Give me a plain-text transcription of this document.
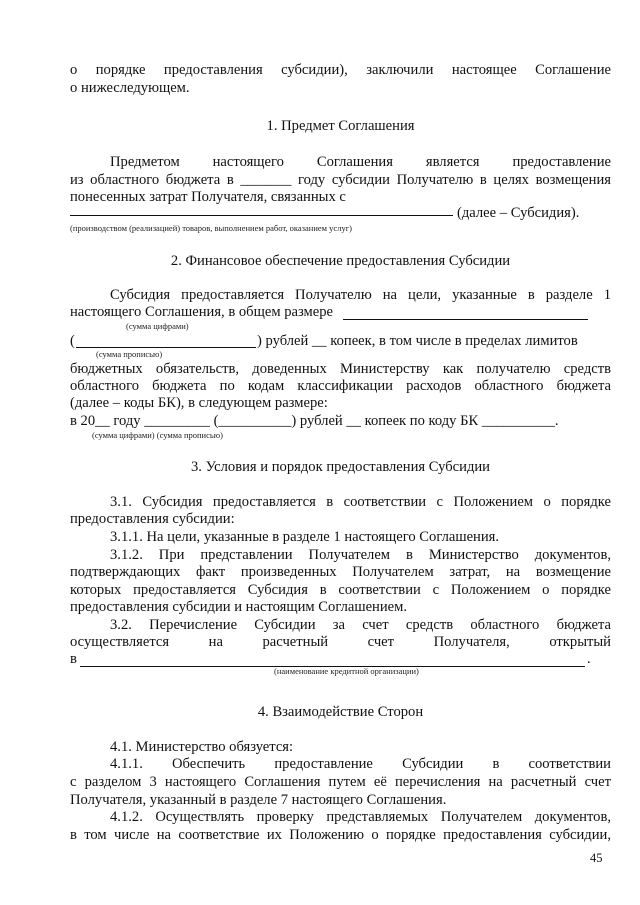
о порядке предоставления субсидии), заключили настоящее Соглашение
о нижеследующем.
1. Предмет Соглашения
Предметом настоящего Соглашения является предоставление
из областного бюджета в _______ году субсидии Получателю в целях возмещения
понесенных затрат Получателя, связанных с
(далее – Субсидия).
(производством (реализацией) товаров, выполнением работ, оказанием услуг)
2. Финансовое обеспечение предоставления Субсидии
Субсидия предоставляется Получателю на цели, указанные в разделе 1
настоящего Соглашения, в общем размере
(сумма цифрами)
(	) рублей __ копеек, в том числе в пределах лимитов
(сумма прописью)
бюджетных обязательств, доведенных Министерству как получателю средств
областного бюджета по кодам классификации расходов областного бюджета
(далее – коды БК), в следующем размере:
в 20__ году _________ (__________) рублей __ копеек по коду БК __________.
(сумма цифрами) (сумма прописью)
3. Условия и порядок предоставления Субсидии
3.1. Субсидия предоставляется в соответствии с Положением о порядке
предоставления субсидии:
3.1.1. На цели, указанные в разделе 1 настоящего Соглашения.
3.1.2. При представлении Получателем в Министерство документов,
подтверждающих факт произведенных Получателем затрат, на возмещение
которых предоставляется Субсидия в соответствии с Положением о порядке
предоставления субсидии и настоящим Соглашением.
3.2. Перечисление Субсидии за счет средств областного бюджета
осуществляется на расчетный счет Получателя, открытый
в	.
(наименование кредитной организации)
4. Взаимодействие Сторон
4.1. Министерство обязуется:
4.1.1. Обеспечить предоставление Субсидии в соответствии
с разделом 3 настоящего Соглашения путем её перечисления на расчетный счет
Получателя, указанный в разделе 7 настоящего Соглашения.
4.1.2. Осуществлять проверку представляемых Получателем документов,
в том числе на соответствие их Положению о порядке предоставления субсидии,
45
